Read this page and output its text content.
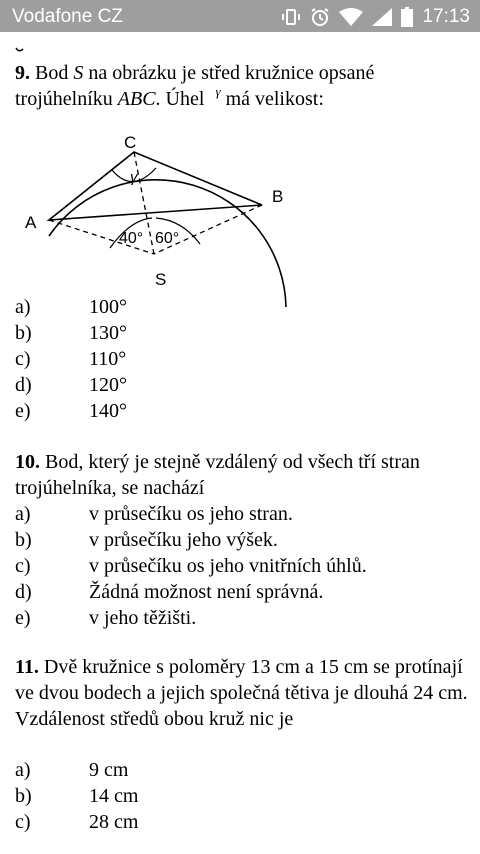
Vodafone CZ	17:13
9. Bod S na obrázku je střed kružnice opsané trojúhelníku ABC. Úhel $^\gamma$ má velikost:
C
A
B
S
γ
40° 60°
a)	100°
b)	130°
c)	110°
d)	120°
e)	140°
10. Bod, který je stejně vzdálený od všech tří stran trojúhelníka, se nachází
a)	v průsečíku os jeho stran.
b)	v průsečíku jeho výšek.
c)	v průsečíku os jeho vnitřních úhlů.
d)	Žádná možnost není správná.
e)	v jeho těžišti.
11. Dvě kružnice s poloměry 13 cm a 15 cm se protínají ve dvou bodech a jejich společná tětiva je dlouhá 24 cm. Vzdálenost středů obou kruž nic je
a)	9 cm
b)	14 cm
c)	28 cm
